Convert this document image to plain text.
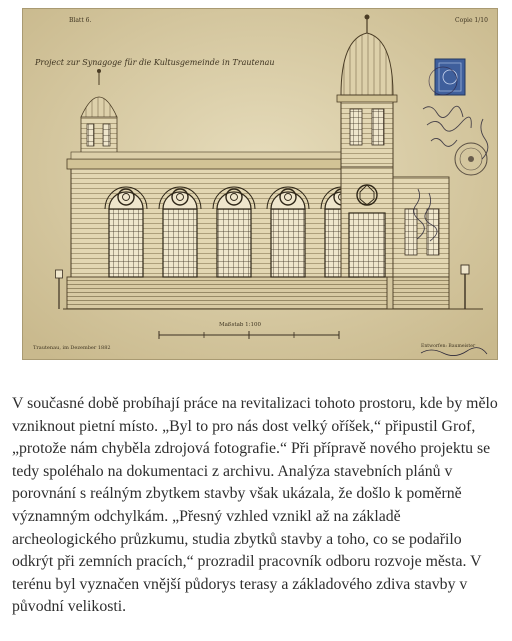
Blatt 6.	Copie 1/10
Project zur Synagoge für die Kultusgemeinde in Trautenau
Maßstab 1:100
Trautenau, im Dezember 1882	Entworfen: Baumeister

V současné době probíhají práce na revitalizaci tohoto prostoru, kde by mělo vzniknout pietní místo. „Byl to pro nás dost velký oříšek,“ připustil Grof, „protože nám chyběla zdrojová fotografie.“ Při přípravě nového projektu se tedy spoléhalo na dokumentaci z archivu. Analýza stavebních plánů v porovnání s reálným zbytkem stavby však ukázala, že došlo k poměrně významným odchylkám. „Přesný vzhled vznikl až na základě archeologického průzkumu, studia zbytků stavby a toho, co se podařilo odkrýt při zemních pracích,“ prozradil pracovník odboru rozvoje města. V terénu byl vyznačen vnější půdorys terasy a základového zdiva stavby v původní velikosti.
